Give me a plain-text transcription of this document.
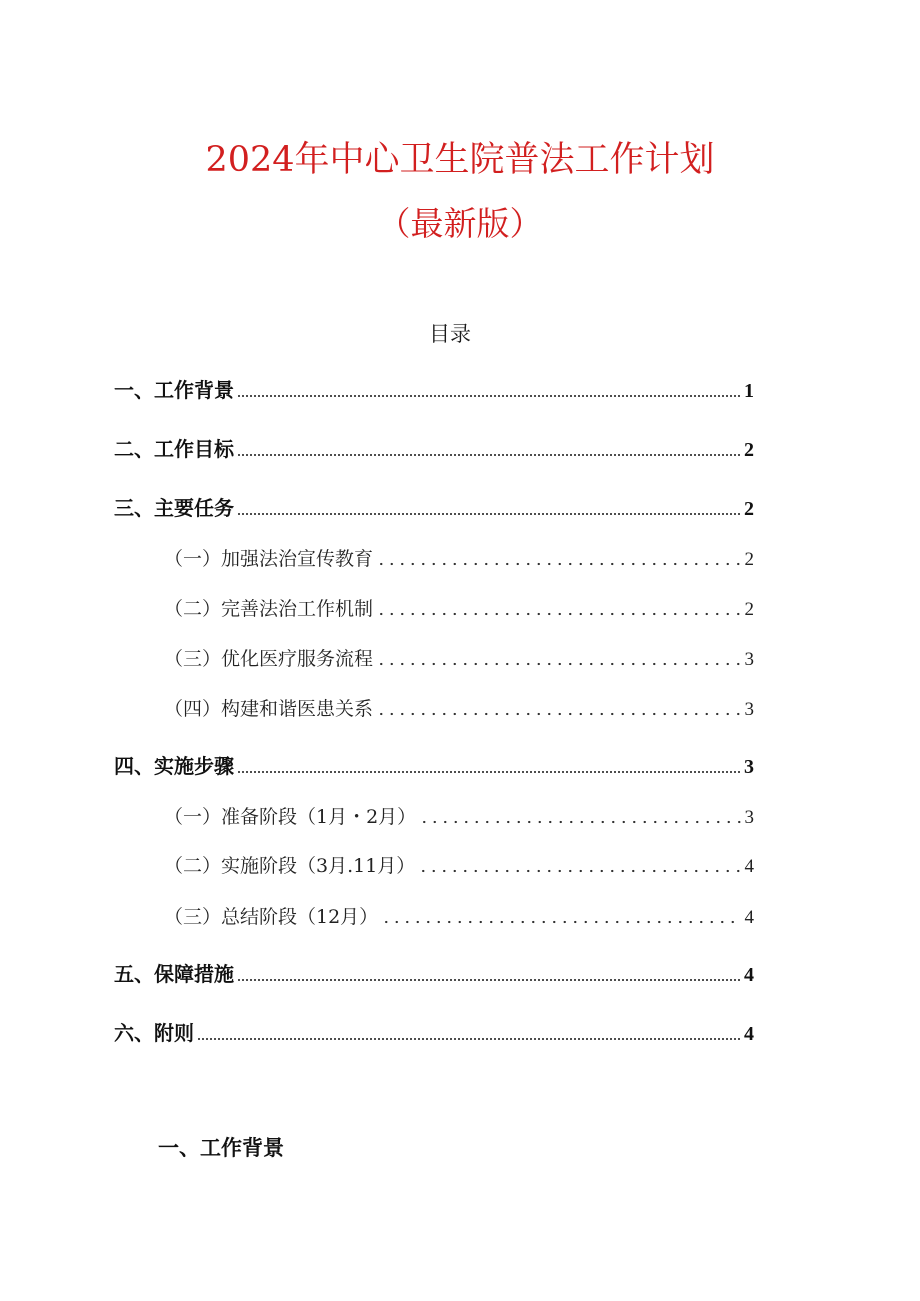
2024年中心卫生院普法工作计划
（最新版）
目录
一、工作背景	1
二、工作目标	2
三、主要任务	2
（一）加强法治宣传教育	2
（二）完善法治工作机制	2
（三）优化医疗服务流程	3
（四）构建和谐医患关系	3
四、实施步骤	3
（一）准备阶段（1月・2月）	3
（二）实施阶段（3月.11月）	4
（三）总结阶段（12月）	4
五、保障措施	4
六、附则	4
一、工作背景
